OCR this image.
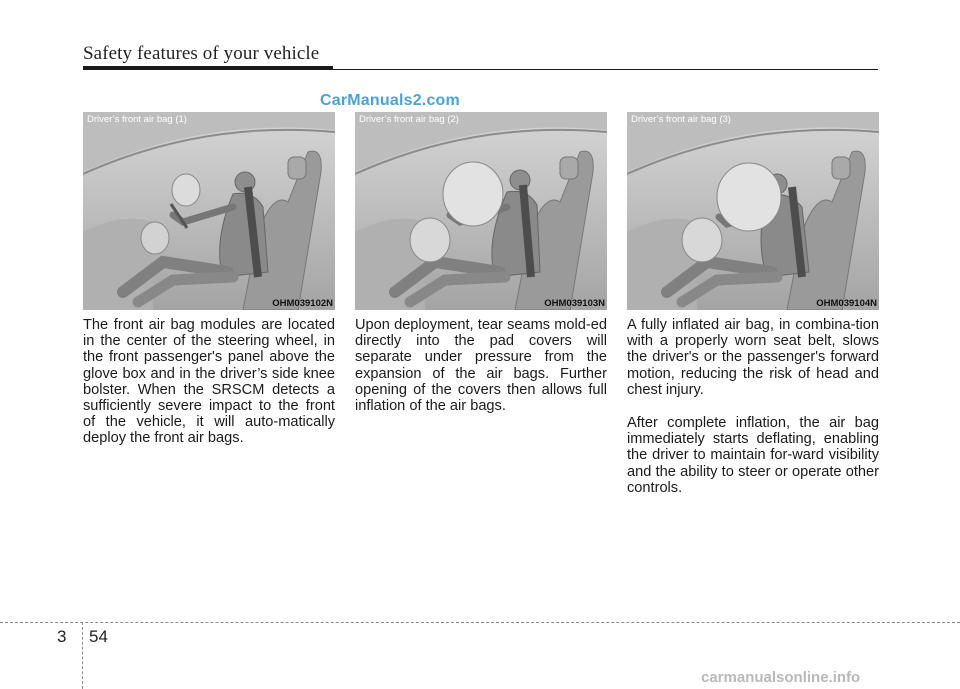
Safety features of your vehicle
CarManuals2.com
Driver’s front air bag (1)
OHM039102N
Driver’s front air bag (2)
OHM039103N
Driver’s front air bag (3)
OHM039104N

The front air bag modules are located in the center of the steering wheel, in the front passenger's panel above the glove box and in the driver’s side knee bolster. When the SRSCM detects a sufficiently severe impact to the front of the vehicle, it will auto-matically deploy the front air bags.

Upon deployment, tear seams mold-ed directly into the pad covers will separate under pressure from the expansion of the air bags. Further opening of the covers then allows full inflation of the air bags.

A fully inflated air bag, in combina-tion with a properly worn seat belt, slows the driver's or the passenger's forward motion, reducing the risk of head and chest injury.

After complete inflation, the air bag immediately starts deflating, enabling the driver to maintain for-ward visibility and the ability to steer or operate other controls.

3 54
carmanualsonline.info
